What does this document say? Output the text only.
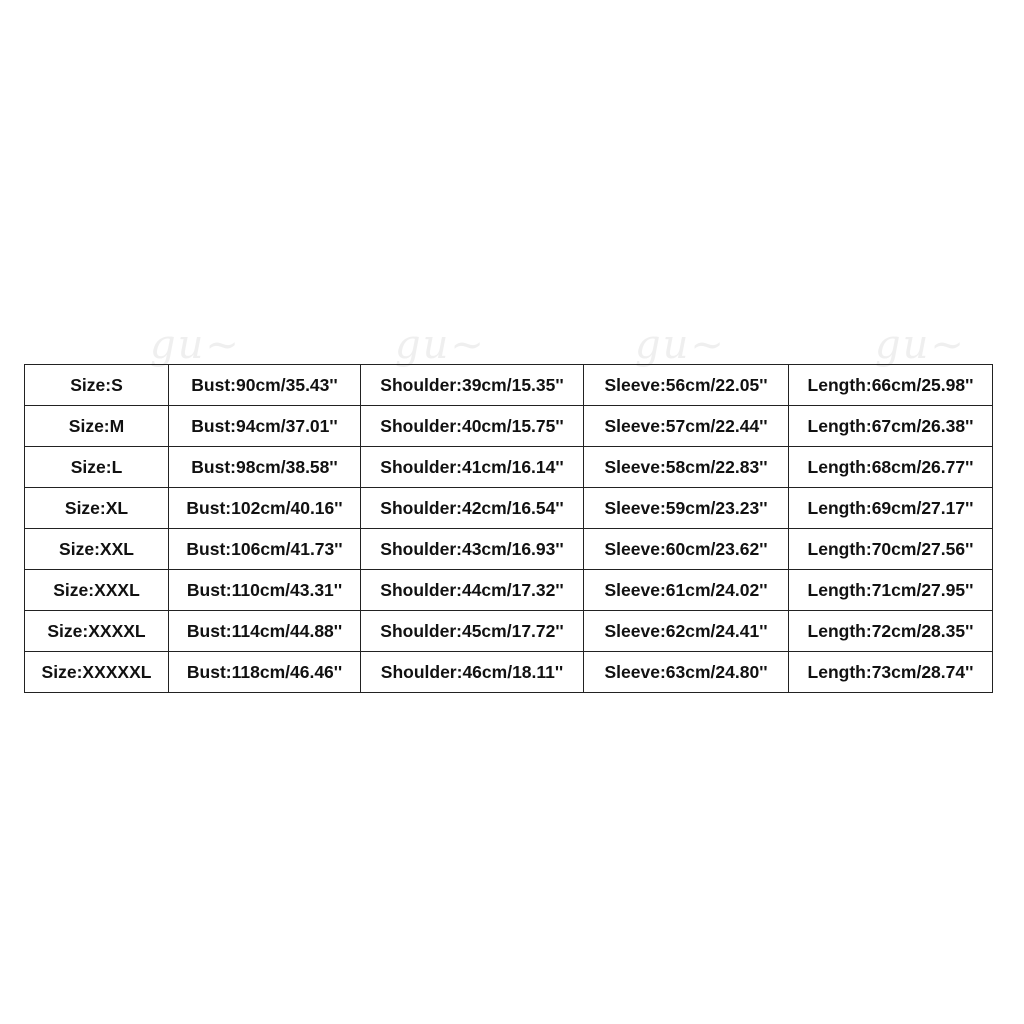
gu~	gu~	gu~	gu~
Size:S	Bust:90cm/35.43''	Shoulder:39cm/15.35''	Sleeve:56cm/22.05''	Length:66cm/25.98''
Size:M	Bust:94cm/37.01''	Shoulder:40cm/15.75''	Sleeve:57cm/22.44''	Length:67cm/26.38''
Size:L	Bust:98cm/38.58''	Shoulder:41cm/16.14''	Sleeve:58cm/22.83''	Length:68cm/26.77''
Size:XL	Bust:102cm/40.16''	Shoulder:42cm/16.54''	Sleeve:59cm/23.23''	Length:69cm/27.17''
Size:XXL	Bust:106cm/41.73''	Shoulder:43cm/16.93''	Sleeve:60cm/23.62''	Length:70cm/27.56''
Size:XXXL	Bust:110cm/43.31''	Shoulder:44cm/17.32''	Sleeve:61cm/24.02''	Length:71cm/27.95''
Size:XXXXL	Bust:114cm/44.88''	Shoulder:45cm/17.72''	Sleeve:62cm/24.41''	Length:72cm/28.35''
Size:XXXXXL	Bust:118cm/46.46''	Shoulder:46cm/18.11''	Sleeve:63cm/24.80''	Length:73cm/28.74''
